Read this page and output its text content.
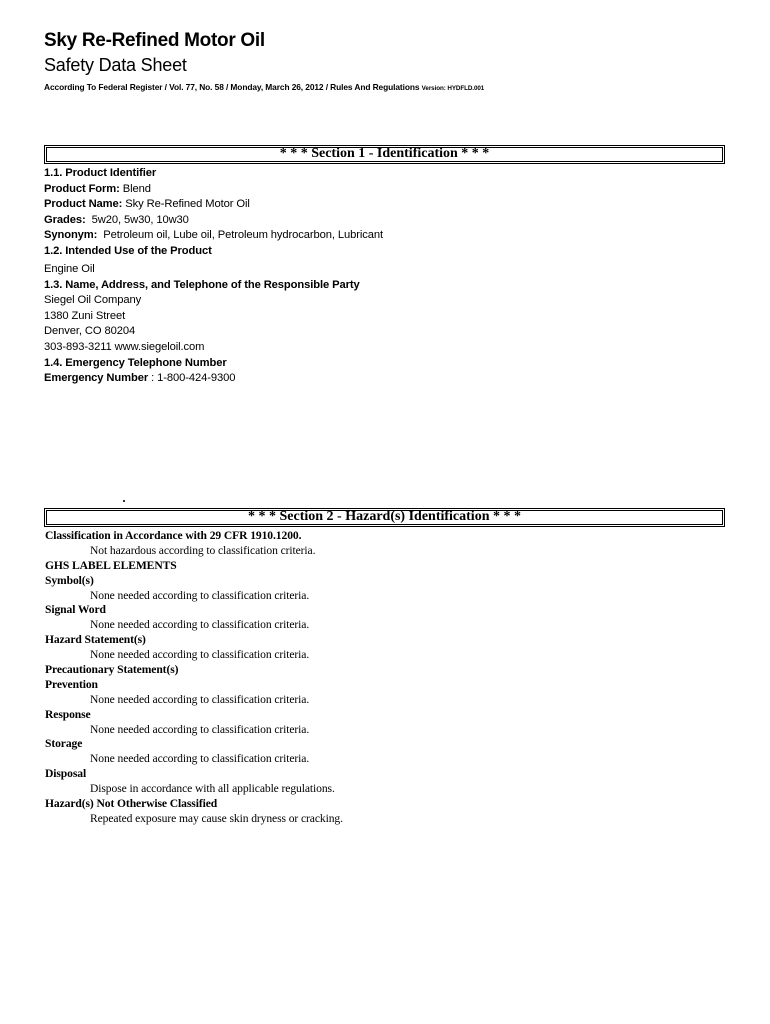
Sky Re-Refined Motor Oil
Safety Data Sheet
According To Federal Register / Vol. 77, No. 58 / Monday, March 26, 2012 / Rules And Regulations Version: HYDFLD.001
* * * Section 1 - Identification * * *
1.1. Product Identifier
Product Form: Blend
Product Name: Sky Re-Refined Motor Oil
Grades:  5w20, 5w30, 10w30
Synonym:  Petroleum oil, Lube oil, Petroleum hydrocarbon, Lubricant
1.2. Intended Use of the Product
Engine Oil
1.3. Name, Address, and Telephone of the Responsible Party
Siegel Oil Company
1380 Zuni Street
Denver, CO 80204
303-893-3211 www.siegeloil.com
1.4. Emergency Telephone Number
Emergency Number : 1-800-424-9300
* * * Section 2 - Hazard(s) Identification * * *
Classification in Accordance with 29 CFR 1910.1200.
Not hazardous according to classification criteria.
GHS LABEL ELEMENTS
Symbol(s)
None needed according to classification criteria.
Signal Word
None needed according to classification criteria.
Hazard Statement(s)
None needed according to classification criteria.
Precautionary Statement(s)
Prevention
None needed according to classification criteria.
Response
None needed according to classification criteria.
Storage
None needed according to classification criteria.
Disposal
Dispose in accordance with all applicable regulations.
Hazard(s) Not Otherwise Classified
Repeated exposure may cause skin dryness or cracking.
